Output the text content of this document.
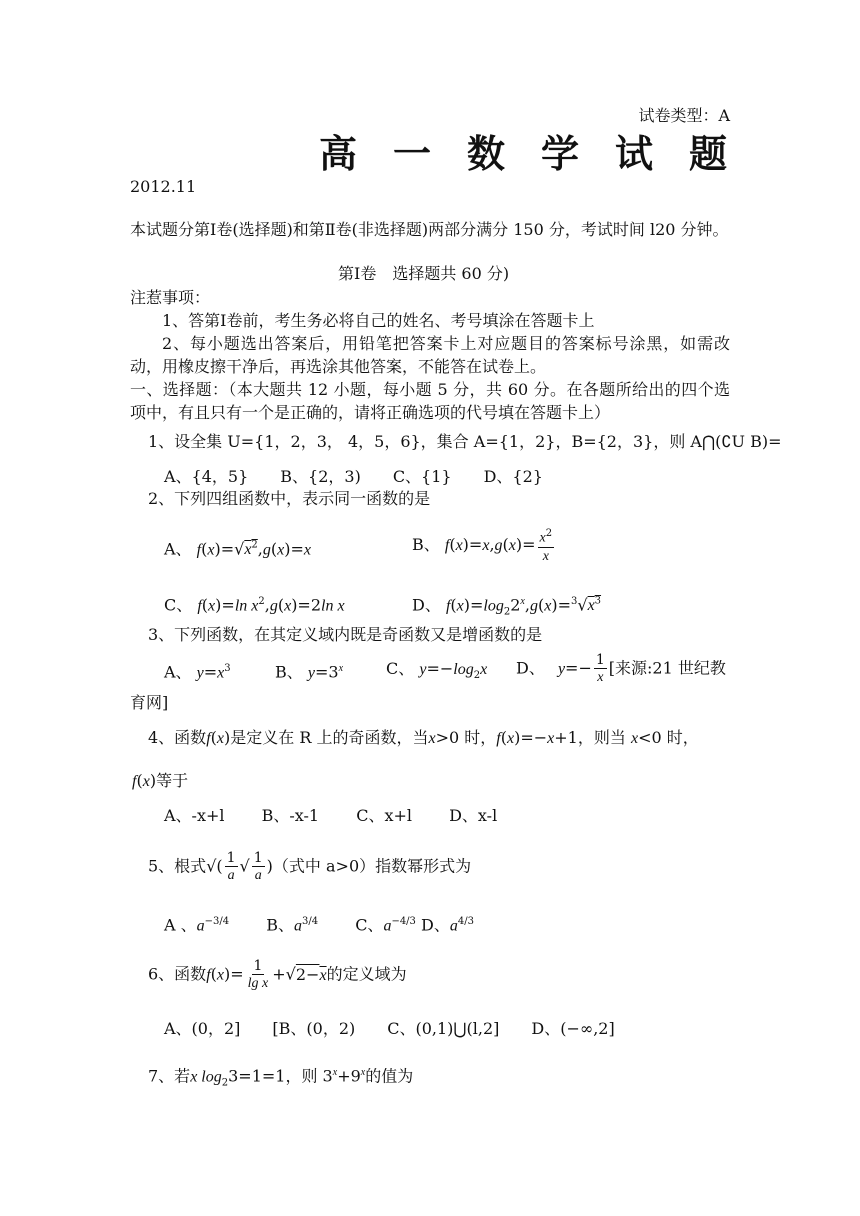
试卷类型：A
高 一 数 学 试 题
2012.11
本试题分第Ⅰ卷(选择题)和第Ⅱ卷(非选择题)两部分满分 150 分，考试时间 l20 分钟。
第Ⅰ卷　选择题共 60 分)
注惹事项：
1、答第Ⅰ卷前，考生务必将自己的姓名、考号填涂在答题卡上
2、每小题选出答案后，用铅笔把答案卡上对应题目的答案标号涂黑，如需改动，用橡皮擦干净后，再选涂其他答案，不能答在试卷上。
一、选择题：（本大题共 12 小题，每小题 5 分，共 60 分。在各题所给出的四个选项中，有且只有一个是正确的，请将正确选项的代号填在答题卡上）
1、设全集 U={1，2，3， 4，5，6}，集合 A={1，2}，B={2，3}，则 A⋂(∁U B)=
A、{4，5}　　B、{2，3)　　C、{1}　　D、{2}
2、下列四组函数中，表示同一函数的是
A、 $f(x)=√x^2,g(x)=x$	B、 $f(x)=x,g(x)= \frac{x^2}{x}$
C、 f(x)=ln $x^2,g(x)=2\ln$ x	D、 $f(x)=\log_22^x,g(x)=^3√x^3$
3、下列函数，在其定义域内既是奇函数又是增函数的是
A、 $y=x^3$	B、 $y=3^x$	C、 $y=-\log_2x$ D、　 $y=- \frac{1}{x}$ [来源:21 世纪教
育网]
4、函数f(x)是定义在 R 上的奇函数，当x>0 时，f(x)=−x+1，则当 x<0 时，
f(x)等于
A、-x+l　　 B、-x-1　　 C、x+l　　 D、x-l
5、根式√( $\frac{1}{a}$ √ $\frac{1}{a}$ )（式中 a>0）指数幂形式为
A 、$a^{-3/4}$　　 B、$a^{3/4}$　　 C、$a^{-4/3}$ D、$a^{4/3}$
6、函数$f(x)= \frac{1}{\text{lg x}} +√2-x$的定义域为
A、(0，2]　　[B、(0，2)　　C、(0,1)⋃(l,2]　　D、(−∞,2]
7、若x $\log_23=1=1$，则 $3^x+9^x$的值为
